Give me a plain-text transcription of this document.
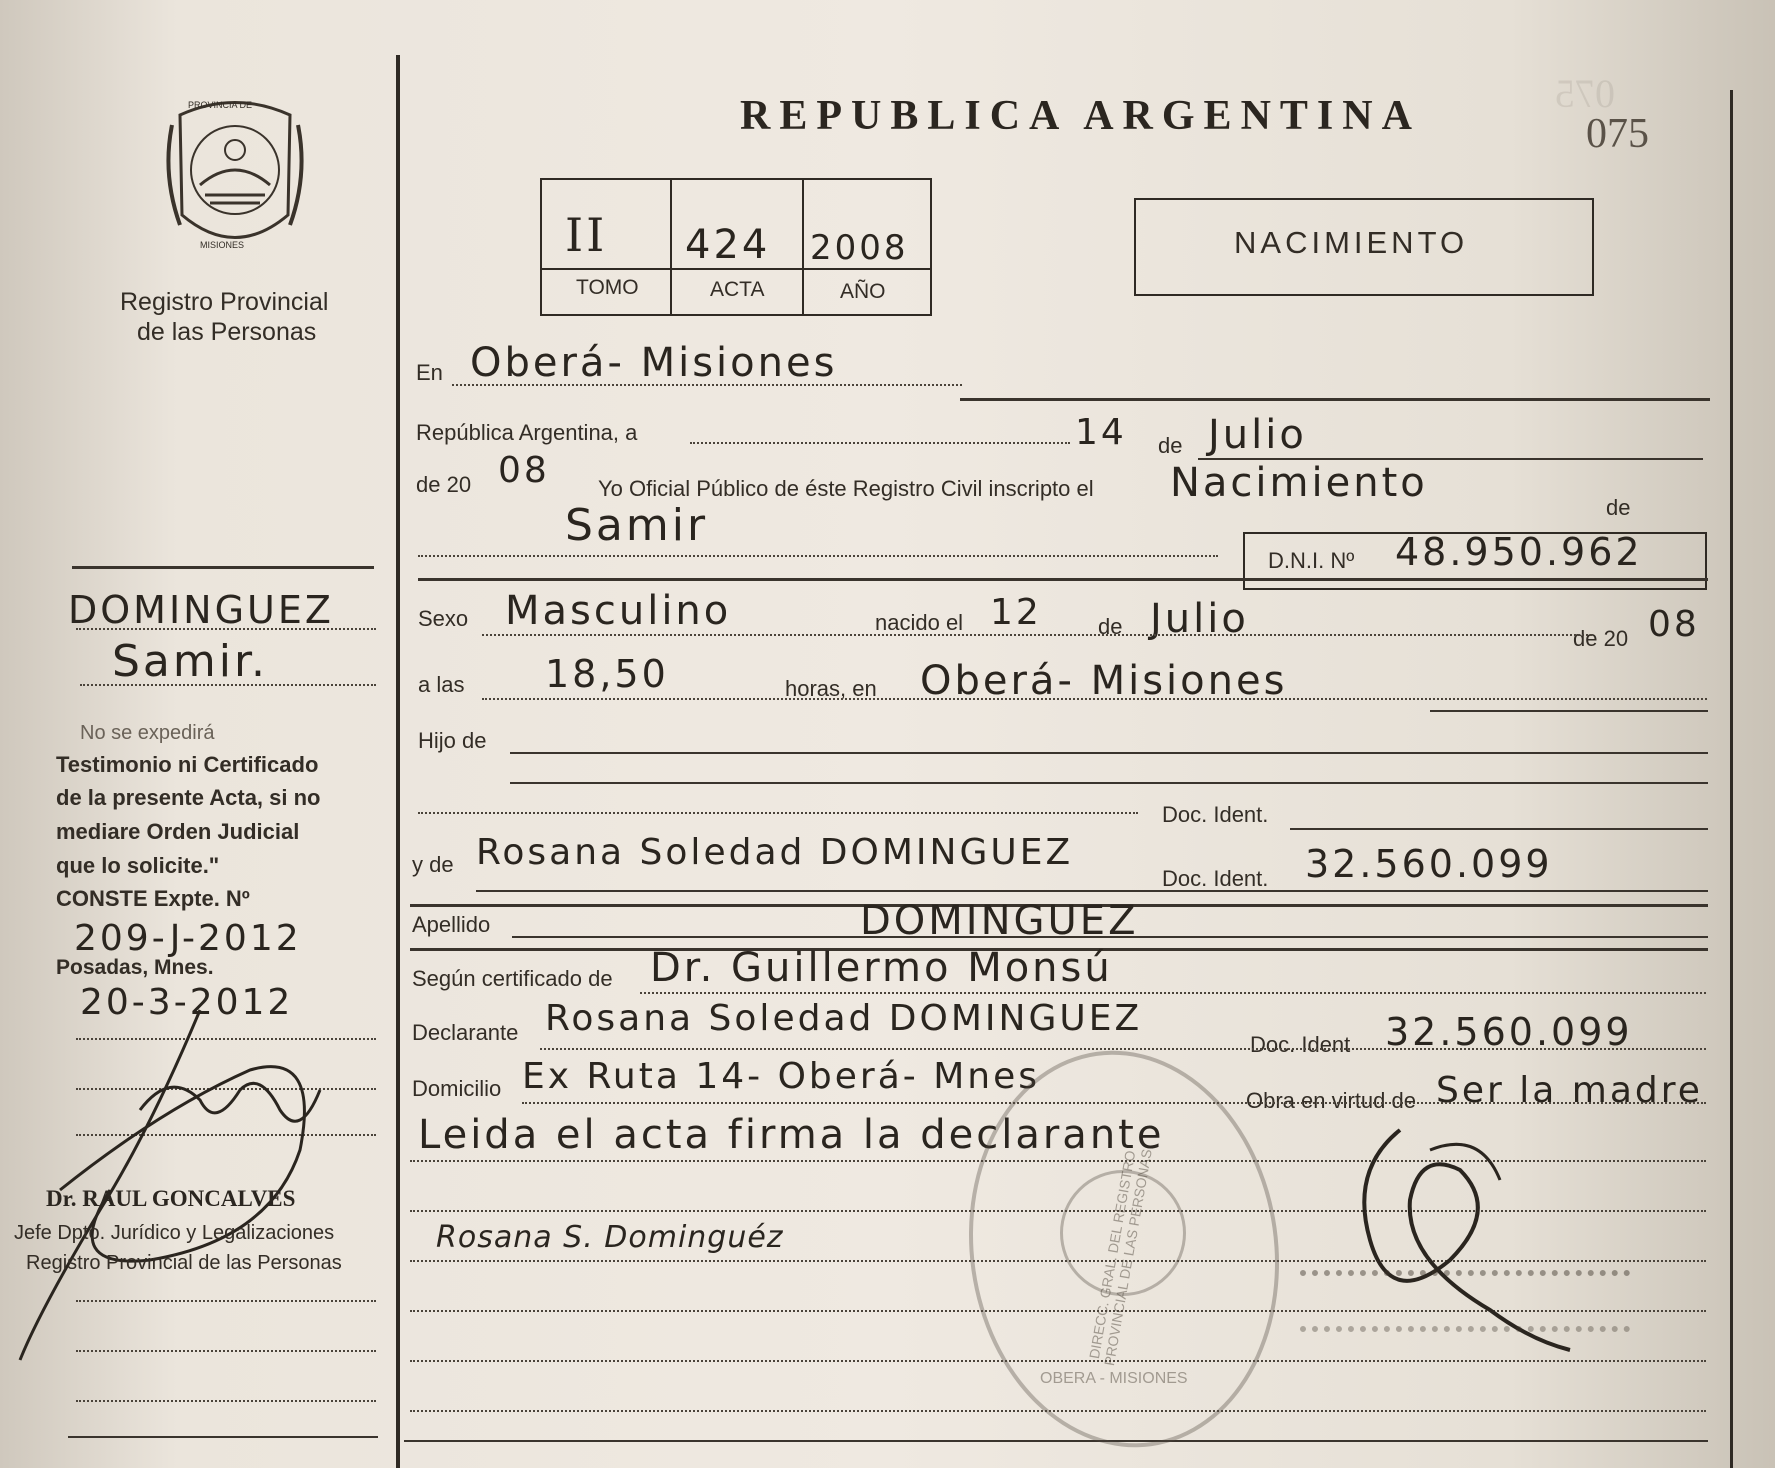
075
PROVINCIA DE
MISIONES
Registro Provincial
de las Personas
REPUBLICA ARGENTINA	075
II 424 2008
TOMO	ACTA	AÑO
NACIMIENTO
En Oberá- Misiones
República Argentina, a	14 de Julio
de 20 08 Yo Oficial Público de éste Registro Civil inscripto el Nacimiento
de
Samir
D.N.I. Nº 48.950.962
Sexo Masculino	nacido el 12	de Julio	de 20 08
a las 18,50	horas, en Oberá- Misiones
Hijo de
Doc. Ident.
y de Rosana Soledad DOMINGUEZ
Doc. Ident. 32.560.099
Apellido	DOMINGUEZ
Según certificado de Dr. Guillermo Monsú
Declarante Rosana Soledad DOMINGUEZ
Doc. Ident 32.560.099
Domicilio Ex Ruta 14- Oberá- Mnes
Obra en virtud de Ser la madre
Leida el acta firma la declarante
Rosana S. Dominguéz	DIRECC. GRAL. DEL REGISTRO PROVINCIAL DE LAS PERSONAS
OBERA - MISIONES
DOMINGUEZ
Samir.
No se expedirá
Testimonio ni Certificado
de la presente Acta, si no
mediare Orden Judicial
que lo solicite."
CONSTE Expte. Nº
209-J-2012
Posadas, Mnes.
20-3-2012
Dr. RAUL GONCALVES
Jefe Dpto. Jurídico y Legalizaciones
Registro Provincial de las Personas
